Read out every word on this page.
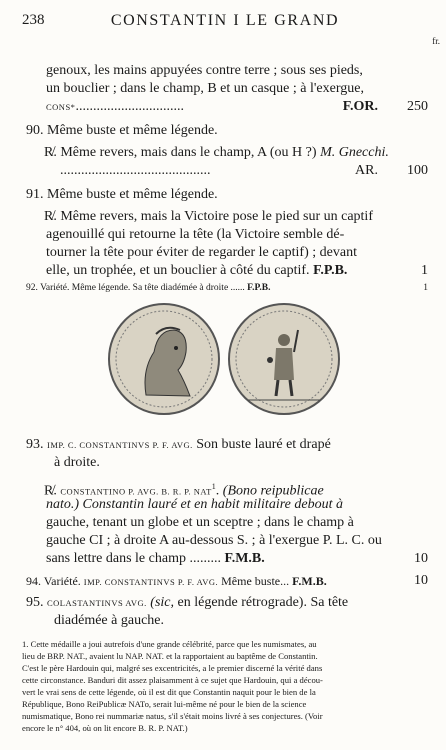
238	CONSTANTIN I LE GRAND
fr.
genoux, les mains appuyées contre terre ; sous ses pieds,
un bouclier ; dans le champ, B et un casque ; à l'exergue,
CONS*...............................	F.OR. 250
90. Même buste et même légende.
R̸. Même revers, mais dans le champ, A (ou H ?) M. Gnecchi.
...........................................	AR. 100
91. Même buste et même légende.
R̸. Même revers, mais la Victoire pose le pied sur un captif
agenouillé qui retourne la tête (la Victoire semble dé-
tourner la tête pour éviter de regarder le captif) ; devant
elle, un trophée, et un bouclier à côté du captif. F.P.B.	1
92. Variété. Même légende. Sa tête diadémée à droite ...... F.P.B.	1
93. IMP. C. CONSTANTINVS P. F. AVG. Son buste lauré et drapé
à droite.
R̸. CONSTANTINO P. AVG. B. R. P. NAT$^1$. (Bono reipublicae
nato.) Constantin lauré et en habit militaire debout à
gauche, tenant un globe et un sceptre ; dans le champ à
gauche CI ; à droite A au-dessous S. ; à l'exergue P. L. C. ou
sans lettre dans le champ ......... F.M.B.	10
94. Variété. IMP. CONSTANTINVS P. F. AVG. Même buste... F.M.B.	10
95. COLASTANTINVS AVG. (sic, en légende rétrograde). Sa tête
diadémée à gauche.
1. Cette médaille a joui autrefois d'une grande célébrité, parce que les numismates, au
lieu de BRP. NAT., avaient lu NAP. NAT. et la rapportaient au baptême de Constantin.
C'est le père Hardouin qui, malgré ses excentricités, a le premier discerné la vérité dans
cette circonstance. Banduri dit assez plaisamment à ce sujet que Hardouin, qui a décou-
vert le vrai sens de cette légende, où il est dit que Constantin naquit pour le bien de la
République, Bono ReiPublicæ NATo, serait lui-même né pour le bien de la science
numismatique, Bono rei nummariæ natus, s'il s'était moins livré à ses conjectures. (Voir
encore le n° 404, où on lit encore B. R. P. NAT.)
